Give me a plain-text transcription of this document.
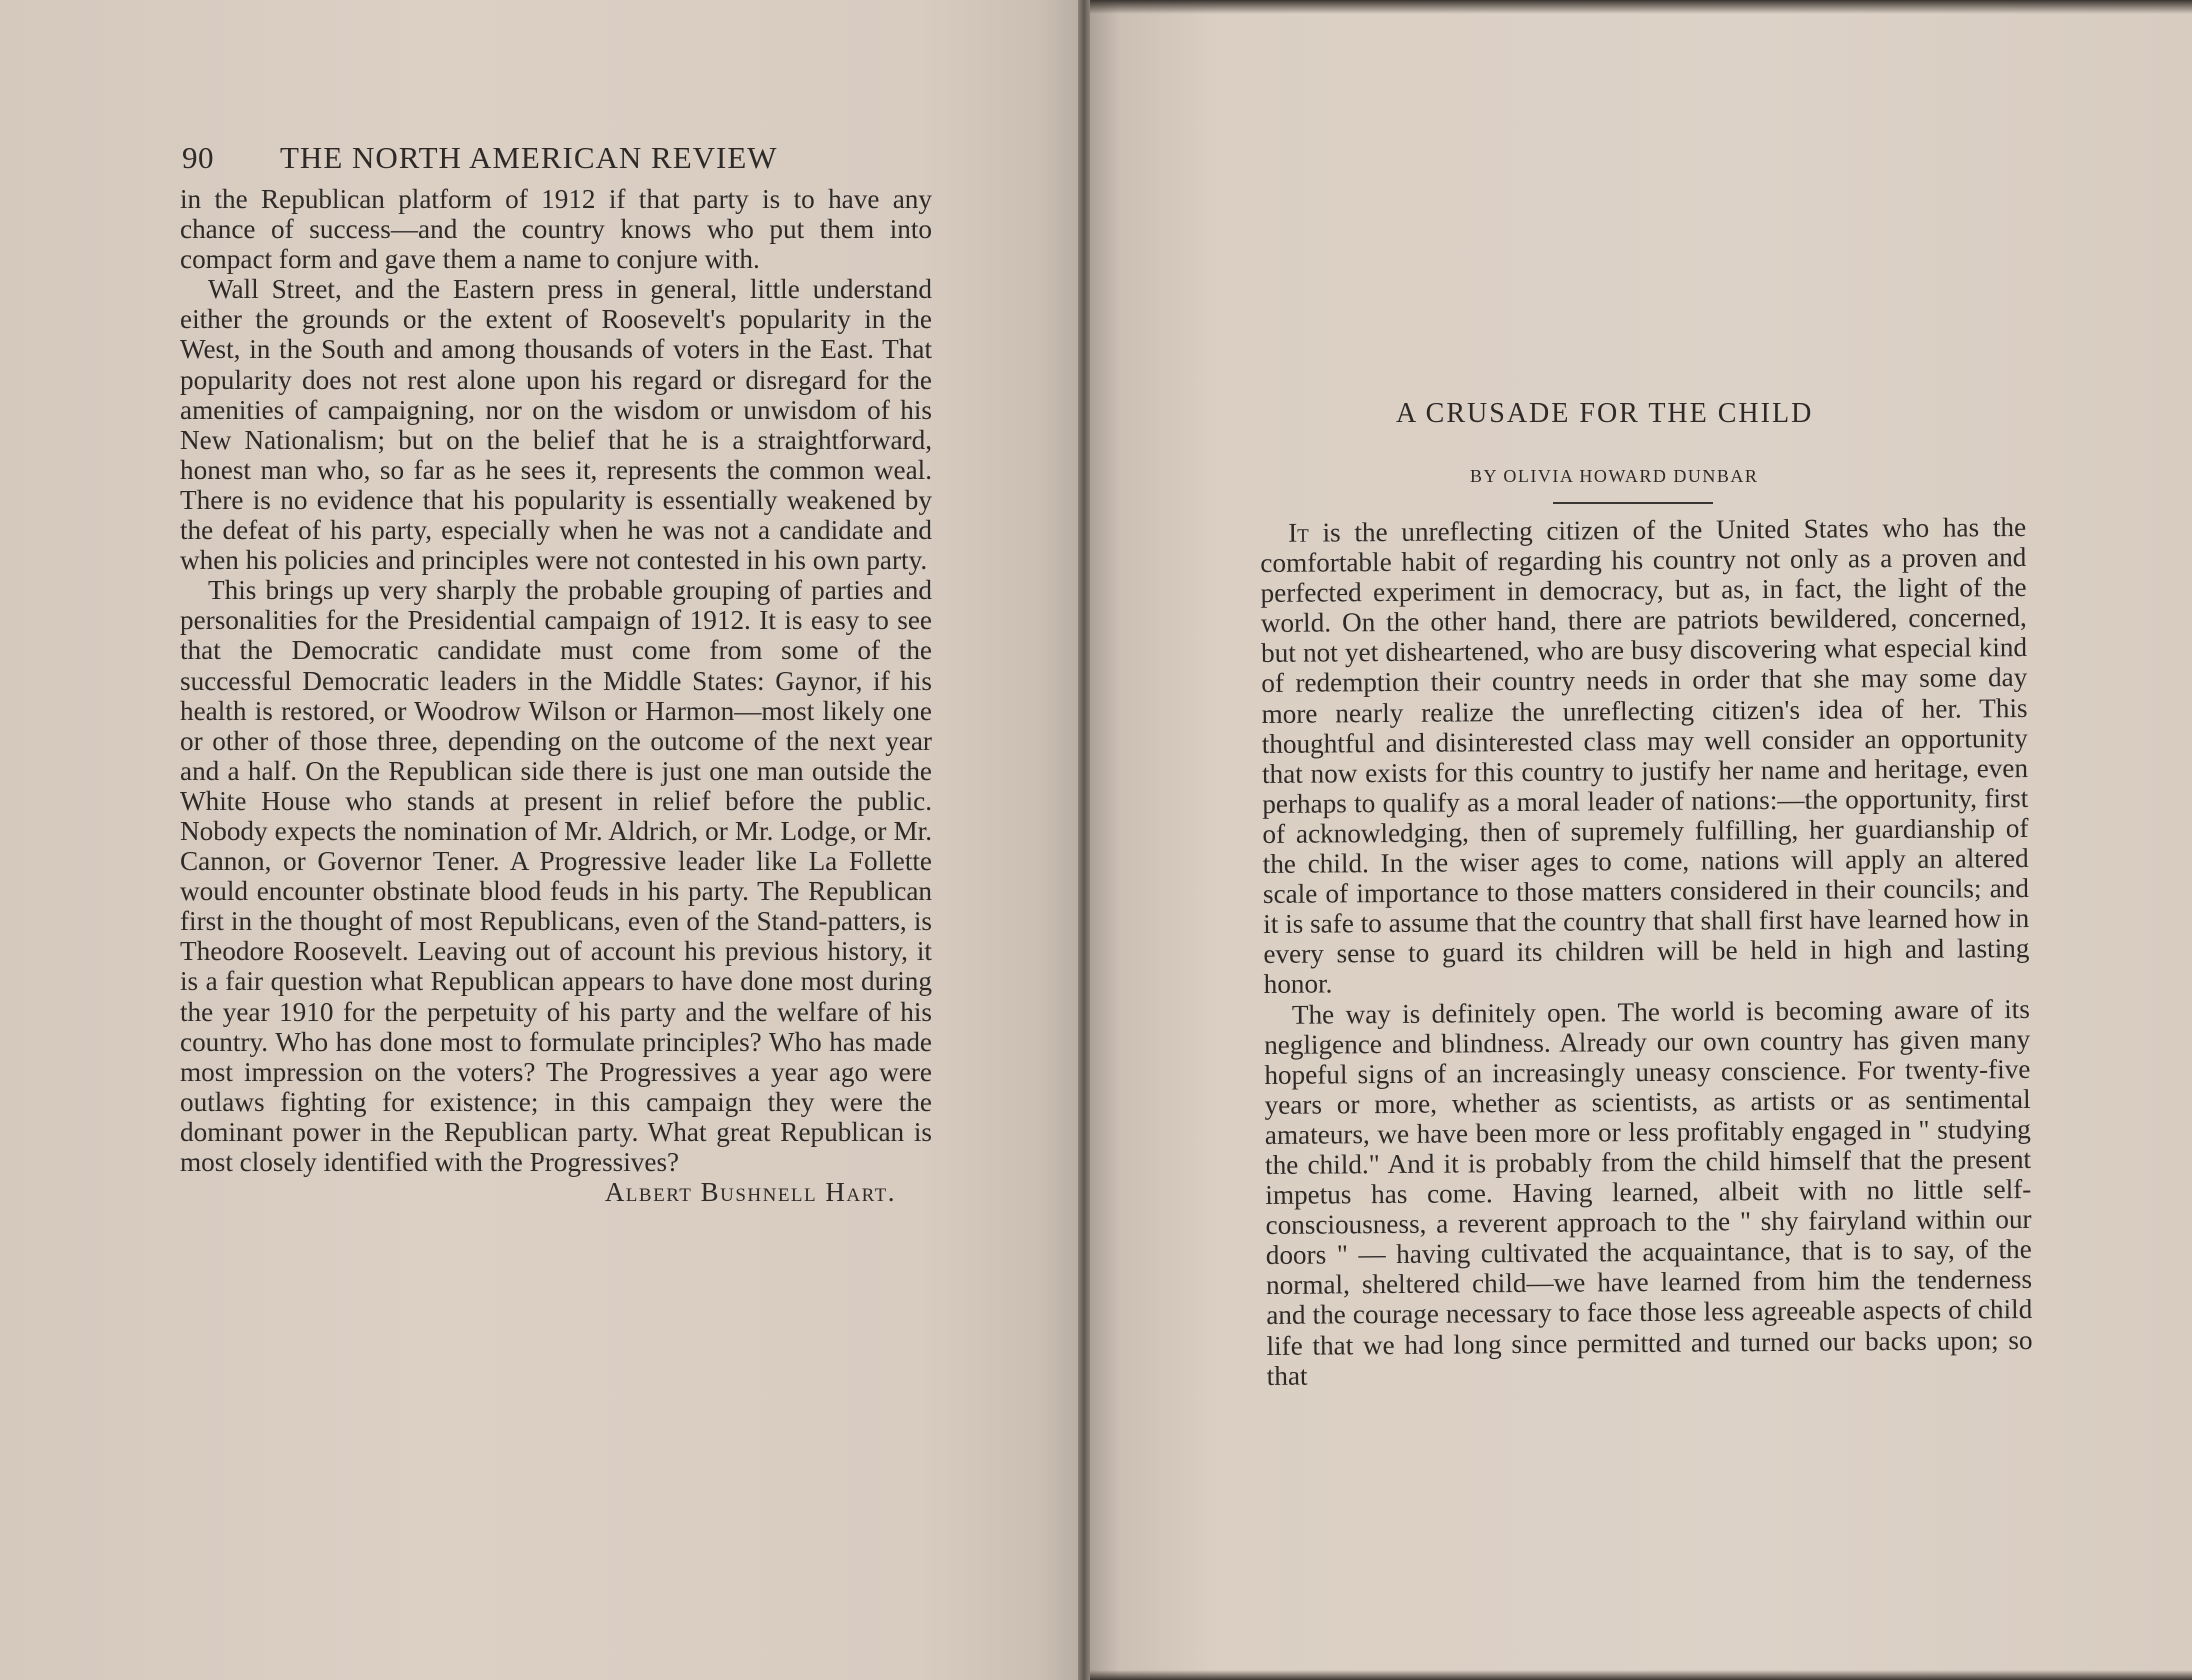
90 THE NORTH AMERICAN REVIEW

in the Republican platform of 1912 if that party is to have any chance of success—and the country knows who put them into compact form and gave them a name to conjure with.

Wall Street, and the Eastern press in general, little understand either the grounds or the extent of Roosevelt's popularity in the West, in the South and among thousands of voters in the East. That popularity does not rest alone upon his regard or disregard for the amenities of campaigning, nor on the wisdom or unwisdom of his New Nationalism; but on the belief that he is a straightforward, honest man who, so far as he sees it, represents the common weal. There is no evidence that his popularity is essentially weakened by the defeat of his party, especially when he was not a candidate and when his policies and principles were not contested in his own party.

This brings up very sharply the probable grouping of parties and personalities for the Presidential campaign of 1912. It is easy to see that the Democratic candidate must come from some of the successful Democratic leaders in the Middle States: Gaynor, if his health is restored, or Woodrow Wilson or Harmon—most likely one or other of those three, depending on the outcome of the next year and a half. On the Republican side there is just one man outside the White House who stands at present in relief before the public. Nobody expects the nomination of Mr. Aldrich, or Mr. Lodge, or Mr. Cannon, or Governor Tener. A Progressive leader like La Follette would encounter obstinate blood feuds in his party. The Republican first in the thought of most Republicans, even of the Stand-patters, is Theodore Roosevelt. Leaving out of account his previous history, it is a fair question what Republican appears to have done most during the year 1910 for the perpetuity of his party and the welfare of his country. Who has done most to formulate principles? Who has made most impression on the voters? The Progressives a year ago were outlaws fighting for existence; in this campaign they were the dominant power in the Republican party. What great Republican is most closely identified with the Progressives?

Albert Bushnell Hart.
A CRUSADE FOR THE CHILD
BY OLIVIA HOWARD DUNBAR

It is the unreflecting citizen of the United States who has the comfortable habit of regarding his country not only as a proven and perfected experiment in democracy, but as, in fact, the light of the world. On the other hand, there are patriots bewildered, concerned, but not yet disheartened, who are busy discovering what especial kind of redemption their country needs in order that she may some day more nearly realize the unreflecting citizen's idea of her. This thoughtful and disinterested class may well consider an opportunity that now exists for this country to justify her name and heritage, even perhaps to qualify as a moral leader of nations:—the opportunity, first of acknowledging, then of supremely fulfilling, her guardianship of the child. In the wiser ages to come, nations will apply an altered scale of importance to those matters considered in their councils; and it is safe to assume that the country that shall first have learned how in every sense to guard its children will be held in high and lasting honor.

The way is definitely open. The world is becoming aware of its negligence and blindness. Already our own country has given many hopeful signs of an increasingly uneasy conscience. For twenty-five years or more, whether as scientists, as artists or as sentimental amateurs, we have been more or less profitably engaged in " studying the child." And it is probably from the child himself that the present impetus has come. Having learned, albeit with no little self-consciousness, a reverent approach to the " shy fairyland within our doors " — having cultivated the acquaintance, that is to say, of the normal, sheltered child—we have learned from him the tenderness and the courage necessary to face those less agreeable aspects of child life that we had long since permitted and turned our backs upon; so that
